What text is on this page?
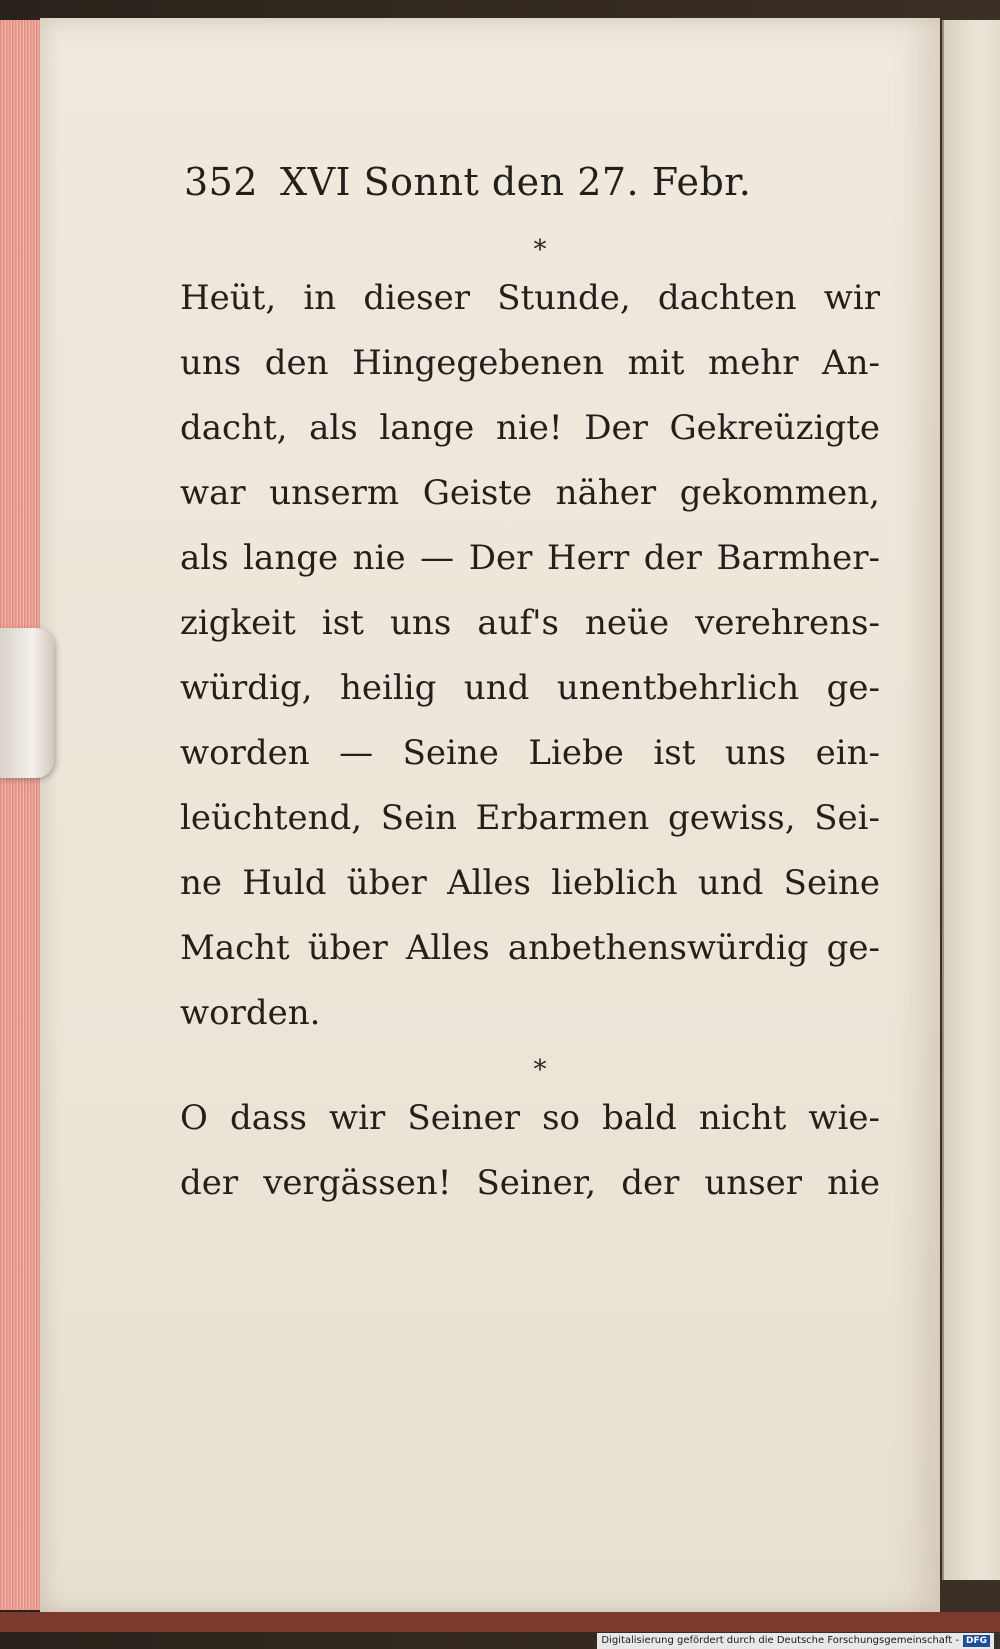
352 XVI Sonnt den 27. Febr.
*
Heüt, in dieser Stunde, dachten wir
uns den Hingegebenen mit mehr An-
dacht, als lange nie! Der Gekreüzigte
war unserm Geiste näher gekommen,
als lange nie — Der Herr der Barmher-
zigkeit ist uns auf's neüe verehrens-
würdig, heilig und unentbehrlich ge-
worden — Seine Liebe ist uns ein-
leüchtend, Sein Erbarmen gewiss, Sei-
ne Huld über Alles lieblich und Seine
Macht über Alles anbethenswürdig ge-
worden.
*
O dass wir Seiner so bald nicht wie-
der vergässen! Seiner, der unser nie
Digitalisierung gefördert durch die Deutsche Forschungsgemeinschaft - DFG
